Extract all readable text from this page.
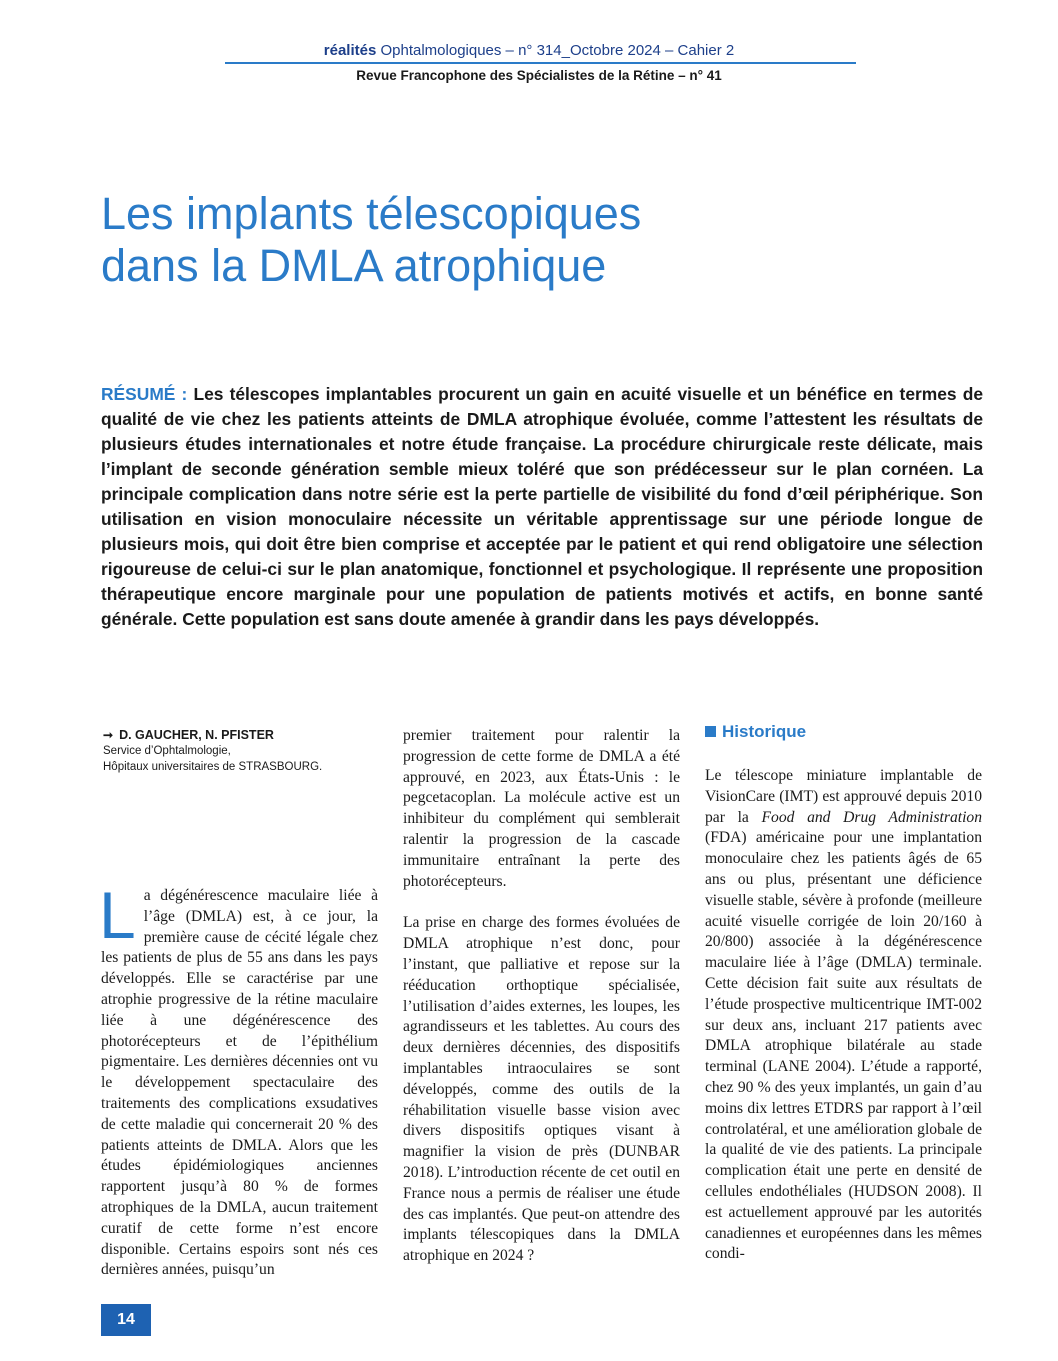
réalités Ophtalmologiques – n° 314_Octobre 2024 – Cahier 2
Revue Francophone des Spécialistes de la Rétine – n° 41
Les implants télescopiques
dans la DMLA atrophique

RÉSUMÉ : Les télescopes implantables procurent un gain en acuité visuelle et un bénéfice en termes de qualité de vie chez les patients atteints de DMLA atrophique évoluée, comme l’attestent les résultats de plusieurs études internationales et notre étude française. La procédure chirurgicale reste délicate, mais l’implant de seconde génération semble mieux toléré que son prédécesseur sur le plan cornéen. La principale complication dans notre série est la perte partielle de visibilité du fond d’œil périphérique. Son utilisation en vision monoculaire nécessite un véritable apprentissage sur une période longue de plusieurs mois, qui doit être bien comprise et acceptée par le patient et qui rend obligatoire une sélection rigoureuse de celui-ci sur le plan anatomique, fonctionnel et psychologique. Il représente une proposition thérapeutique encore marginale pour une population de patients motivés et actifs, en bonne santé générale. Cette population est sans doute amenée à grandir dans les pays développés.

➞ D. GAUCHER, N. PFISTER
Service d’Ophtalmologie,
Hôpitaux universitaires de STRASBOURG.

La dégénérescence maculaire liée à l’âge (DMLA) est, à ce jour, la première cause de cécité légale chez les patients de plus de 55 ans dans les pays développés. Elle se caractérise par une atrophie progressive de la rétine maculaire liée à une dégénérescence des photorécepteurs et de l’épithélium pigmentaire. Les dernières décennies ont vu le développement spectaculaire des traitements des complications exsudatives de cette maladie qui concernerait 20 % des patients atteints de DMLA. Alors que les études épidémiologiques anciennes rapportent jusqu’à 80 % de formes atrophiques de la DMLA, aucun traitement curatif de cette forme n’est encore disponible. Certains espoirs sont nés ces dernières années, puisqu’un

premier traitement pour ralentir la progression de cette forme de DMLA a été approuvé, en 2023, aux États-Unis : le pegcetacoplan. La molécule active est un inhibiteur du complément qui semblerait ralentir la progression de la cascade immunitaire entraînant la perte des photorécepteurs.

La prise en charge des formes évoluées de DMLA atrophique n’est donc, pour l’instant, que palliative et repose sur la rééducation orthoptique spécialisée, l’utilisation d’aides externes, les loupes, les agrandisseurs et les tablettes. Au cours des deux dernières décennies, des dispositifs implantables intraoculaires se sont développés, comme des outils de la réhabilitation visuelle basse vision avec divers dispositifs optiques visant à magnifier la vision de près (DUNBAR 2018). L’introduction récente de cet outil en France nous a permis de réaliser une étude des cas implantés. Que peut-on attendre des implants télescopiques dans la DMLA atrophique en 2024 ?

Historique

Le télescope miniature implantable de VisionCare (IMT) est approuvé depuis 2010 par la Food and Drug Administration (FDA) américaine pour une implantation monoculaire chez les patients âgés de 65 ans ou plus, présentant une déficience visuelle stable, sévère à profonde (meilleure acuité visuelle corrigée de loin 20/160 à 20/800) associée à la dégénérescence maculaire liée à l’âge (DMLA) terminale. Cette décision fait suite aux résultats de l’étude prospective multicentrique IMT-002 sur deux ans, incluant 217 patients avec DMLA atrophique bilatérale au stade terminal (LANE 2004). L’étude a rapporté, chez 90 % des yeux implantés, un gain d’au moins dix lettres ETDRS par rapport à l’œil controlatéral, et une amélioration globale de la qualité de vie des patients. La principale complication était une perte en densité de cellules endothéliales (HUDSON 2008). Il est actuellement approuvé par les autorités canadiennes et européennes dans les mêmes condi-

14
